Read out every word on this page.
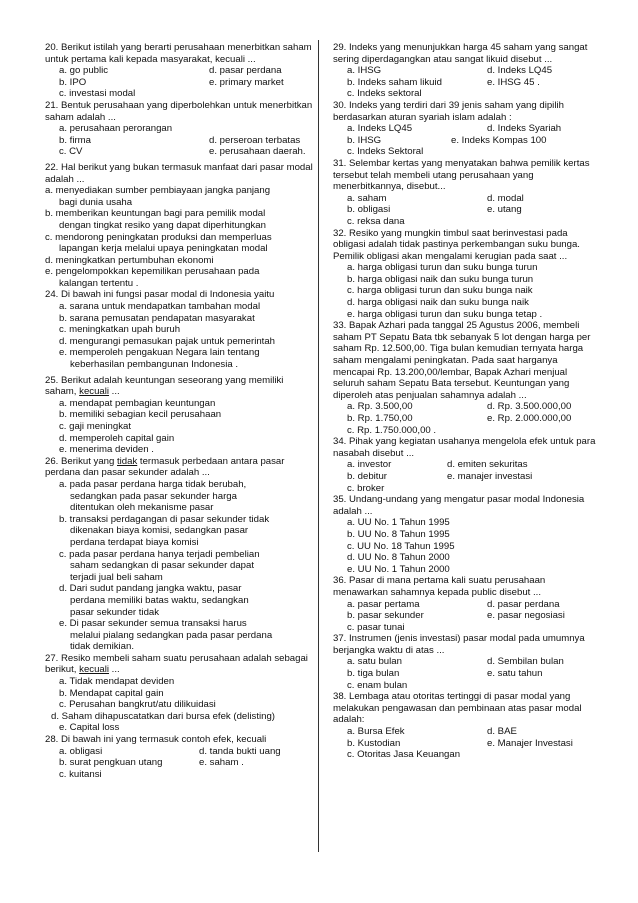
20. Berikut istilah yang berarti perusahaan menerbitkan saham untuk pertama kali kepada masyarakat, kecuali ...

a. go public	d. pasar perdana
b. IPO	e. primary market

c. investasi modal

21. Bentuk perusahaan yang diperbolehkan untuk menerbitkan saham adalah ...

a. perusahaan perorangan

b. firma	d. perseroan terbatas
c. CV	e. perusahaan daerah.

22. Hal berikut yang bukan termasuk manfaat dari pasar modal adalah ...

a. menyediakan sumber pembiayaan jangka panjang

bagi dunia usaha

b. memberikan keuntungan bagi para pemilik modal

dengan tingkat resiko yang dapat diperhitungkan

c. mendorong peningkatan produksi dan memperluas

lapangan kerja melalui upaya peningkatan modal

d. meningkatkan pertumbuhan ekonomi

e. pengelompokkan kepemilikan perusahaan pada

kalangan tertentu .

24. Di bawah ini fungsi pasar modal di Indonesia yaitu

a. sarana untuk mendapatkan tambahan modal

b. sarana pemusatan pendapatan masyarakat

c. meningkatkan upah buruh

d. mengurangi pemasukan pajak untuk pemerintah

e. memperoleh pengakuan Negara lain tentang

keberhasilan pembangunan Indonesia .

25. Berikut adalah keuntungan seseorang yang memiliki saham, kecuali ...

a. mendapat pembagian keuntungan

b. memiliki sebagian kecil perusahaan

c. gaji meningkat

d. memperoleh capital gain

e. menerima deviden .

26. Berikut yang tidak termasuk perbedaan antara pasar perdana dan pasar sekunder adalah ...

a. pada pasar perdana harga tidak berubah,

sedangkan pada pasar sekunder harga

ditentukan oleh mekanisme pasar

b. transaksi perdagangan di pasar sekunder tidak

dikenakan biaya komisi, sedangkan pasar

perdana terdapat biaya komisi

c. pada pasar perdana hanya terjadi pembelian

saham sedangkan di pasar sekunder dapat

terjadi jual beli saham

d. Dari sudut pandang jangka waktu, pasar

perdana memiliki batas waktu, sedangkan

pasar sekunder tidak

e. Di pasar sekunder semua transaksi harus

melalui pialang sedangkan pada pasar perdana

tidak demikian.

27. Resiko membeli saham suatu perusahaan adalah sebagai berikut, kecuali ...

a. Tidak mendapat deviden

b. Mendapat capital gain

c. Perusahan bangkrut/atu dilikuidasi

d. Saham dihapuscatatkan dari bursa efek (delisting)

e. Capital loss

28. Di bawah ini yang termasuk contoh efek, kecuali

a. obligasi	d. tanda bukti uang
b. surat pengkuan utang	e. saham .

c. kuitansi

29. Indeks yang menunjukkan harga 45 saham yang sangat sering diperdagangkan atau sangat likuid disebut ...

a. IHSG	d. Indeks LQ45
b. Indeks saham likuid	e. IHSG 45 .

c. Indeks sektoral

30. Indeks yang terdiri dari 39 jenis saham yang dipilih berdasarkan aturan syariah islam adalah :

a. Indeks LQ45	d. Indeks Syariah
b. IHSG	e. Indeks Kompas 100

c. Indeks Sektoral

31. Selembar kertas yang menyatakan bahwa pemilik kertas tersebut telah membeli utang perusahaan yang menerbitkannya, disebut...

a. saham	d. modal
b. obligasi	e. utang

c. reksa dana

32. Resiko yang mungkin timbul saat berinvestasi pada obligasi adalah tidak pastinya perkembangan suku bunga. Pemilik obligasi akan mengalami kerugian pada saat ...

a. harga obligasi turun dan suku bunga turun

b. harga obligasi naik dan suku bunga turun

c. harga obligasi turun dan suku bunga naik

d. harga obligasi naik dan suku bunga naik

e. harga obligasi turun dan suku bunga tetap .

33. Bapak Azhari pada tanggal 25 Agustus 2006, membeli saham PT Sepatu Bata tbk sebanyak 5 lot dengan harga per saham Rp. 12.500,00. Tiga bulan kemudian ternyata harga saham mengalami peningkatan. Pada saat harganya mencapai Rp. 13.200,00/lembar, Bapak Azhari menjual seluruh saham Sepatu Bata tersebut. Keuntungan yang diperoleh atas penjualan sahamnya adalah ...

a. Rp. 3.500,00	d. Rp. 3.500.000,00
b. Rp. 1.750,00	e. Rp. 2.000.000,00

c. Rp. 1.750.000,00 .

34. Pihak yang kegiatan usahanya mengelola efek untuk para nasabah disebut ...

a. investor	d. emiten sekuritas
b. debitur	e. manajer investasi

c. broker

35. Undang-undang yang mengatur pasar modal Indonesia adalah ...

a. UU No. 1 Tahun 1995

b. UU No. 8 Tahun 1995

c. UU No. 18 Tahun 1995

d. UU No. 8 Tahun 2000

e. UU No. 1 Tahun 2000

36. Pasar di mana pertama kali suatu perusahaan menawarkan sahamnya kepada public disebut ...

a. pasar pertama	d. pasar perdana
b. pasar sekunder	e. pasar negosiasi

c. pasar tunai

37. Instrumen (jenis investasi) pasar modal pada umumnya berjangka waktu di atas ...

a. satu bulan	d. Sembilan bulan
b. tiga bulan	e. satu tahun

c. enam bulan

38. Lembaga atau otoritas tertinggi di pasar modal yang melakukan pengawasan dan pembinaan atas pasar modal adalah:

a. Bursa Efek	d. BAE
b. Kustodian	e. Manajer Investasi

c. Otoritas Jasa Keuangan
